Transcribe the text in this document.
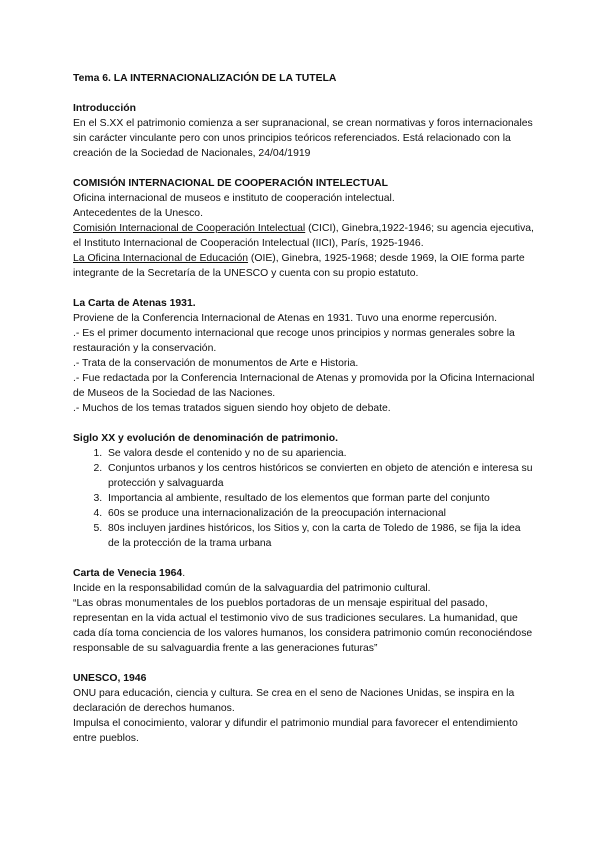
Tema 6. LA INTERNACIONALIZACIÓN DE LA TUTELA

Introducción

En el S.XX el patrimonio comienza a ser supranacional, se crean normativas y foros internacionales sin carácter vinculante pero con unos principios teóricos referenciados. Está relacionado con la creación de la Sociedad de Nacionales, 24/04/1919

COMISIÓN INTERNACIONAL DE COOPERACIÓN INTELECTUAL

Oficina internacional de museos e instituto de cooperación intelectual.

Antecedentes de la Unesco.

Comisión Internacional de Cooperación Intelectual (CICI), Ginebra,1922-1946; su agencia ejecutiva, el Instituto Internacional de Cooperación Intelectual (IICI), París, 1925-1946.

La Oficina Internacional de Educación (OIE), Ginebra, 1925-1968; desde 1969, la OIE forma parte integrante de la Secretaría de la UNESCO y cuenta con su propio estatuto.

La Carta de Atenas 1931.

Proviene de la Conferencia Internacional de Atenas en 1931. Tuvo una enorme repercusión.

.- Es el primer documento internacional que recoge unos principios y normas generales sobre la restauración y la conservación.

.- Trata de la conservación de monumentos de Arte e Historia.

.- Fue redactada por la Conferencia Internacional de Atenas y promovida por la Oficina Internacional de Museos de la Sociedad de las Naciones.

.- Muchos de los temas tratados siguen siendo hoy objeto de debate.

Siglo XX y evolución de denominación de patrimonio.

1. Se valora desde el contenido y no de su apariencia.
2. Conjuntos urbanos y los centros históricos se convierten en objeto de atención e interesa su protección y salvaguarda
3. Importancia al ambiente, resultado de los elementos que forman parte del conjunto
4. 60s se produce una internacionalización de la preocupación internacional
5. 80s incluyen jardines históricos, los Sitios y, con la carta de Toledo de 1986, se fija la idea de la protección de la trama urbana

Carta de Venecia 1964.

Incide en la responsabilidad común de la salvaguardia del patrimonio cultural.

“Las obras monumentales de los pueblos portadoras de un mensaje espiritual del pasado, representan en la vida actual el testimonio vivo de sus tradiciones seculares. La humanidad, que cada día toma conciencia de los valores humanos, los considera patrimonio común reconociéndose responsable de su salvaguardia frente a las generaciones futuras”

UNESCO, 1946

ONU para educación, ciencia y cultura. Se crea en el seno de Naciones Unidas, se inspira en la declaración de derechos humanos.

Impulsa el conocimiento, valorar y difundir el patrimonio mundial para favorecer el entendimiento entre pueblos.
